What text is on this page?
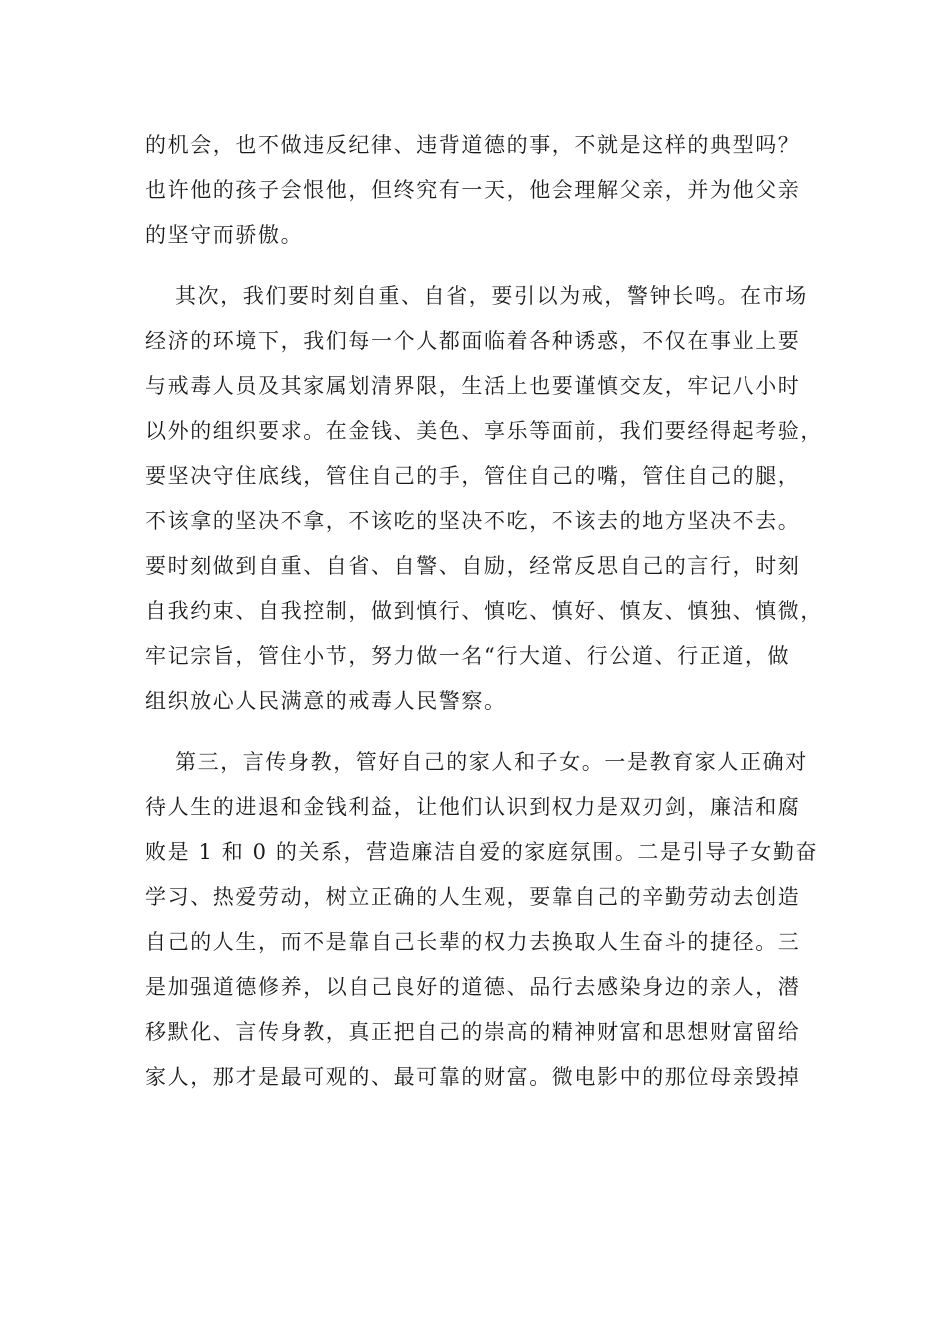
的机会，也不做违反纪律、违背道德的事，不就是这样的典型吗？
也许他的孩子会恨他，但终究有一天，他会理解父亲，并为他父亲
的坚守而骄傲。
其次，我们要时刻自重、自省，要引以为戒，警钟长鸣。在市场
经济的环境下，我们每一个人都面临着各种诱惑，不仅在事业上要
与戒毒人员及其家属划清界限，生活上也要谨慎交友，牢记八小时
以外的组织要求。在金钱、美色、享乐等面前，我们要经得起考验，
要坚决守住底线，管住自己的手，管住自己的嘴，管住自己的腿，
不该拿的坚决不拿，不该吃的坚决不吃，不该去的地方坚决不去。
要时刻做到自重、自省、自警、自励，经常反思自己的言行，时刻
自我约束、自我控制，做到慎行、慎吃、慎好、慎友、慎独、慎微，
牢记宗旨，管住小节，努力做一名“行大道、行公道、行正道，做
组织放心人民满意的戒毒人民警察。
第三，言传身教，管好自己的家人和子女。一是教育家人正确对
待人生的进退和金钱利益，让他们认识到权力是双刃剑，廉洁和腐
败是 1 和 0 的关系，营造廉洁自爱的家庭氛围。二是引导子女勤奋
学习、热爱劳动，树立正确的人生观，要靠自己的辛勤劳动去创造
自己的人生，而不是靠自己长辈的权力去换取人生奋斗的捷径。三
是加强道德修养，以自己良好的道德、品行去感染身边的亲人，潜
移默化、言传身教，真正把自己的崇高的精神财富和思想财富留给
家人，那才是最可观的、最可靠的财富。微电影中的那位母亲毁掉
